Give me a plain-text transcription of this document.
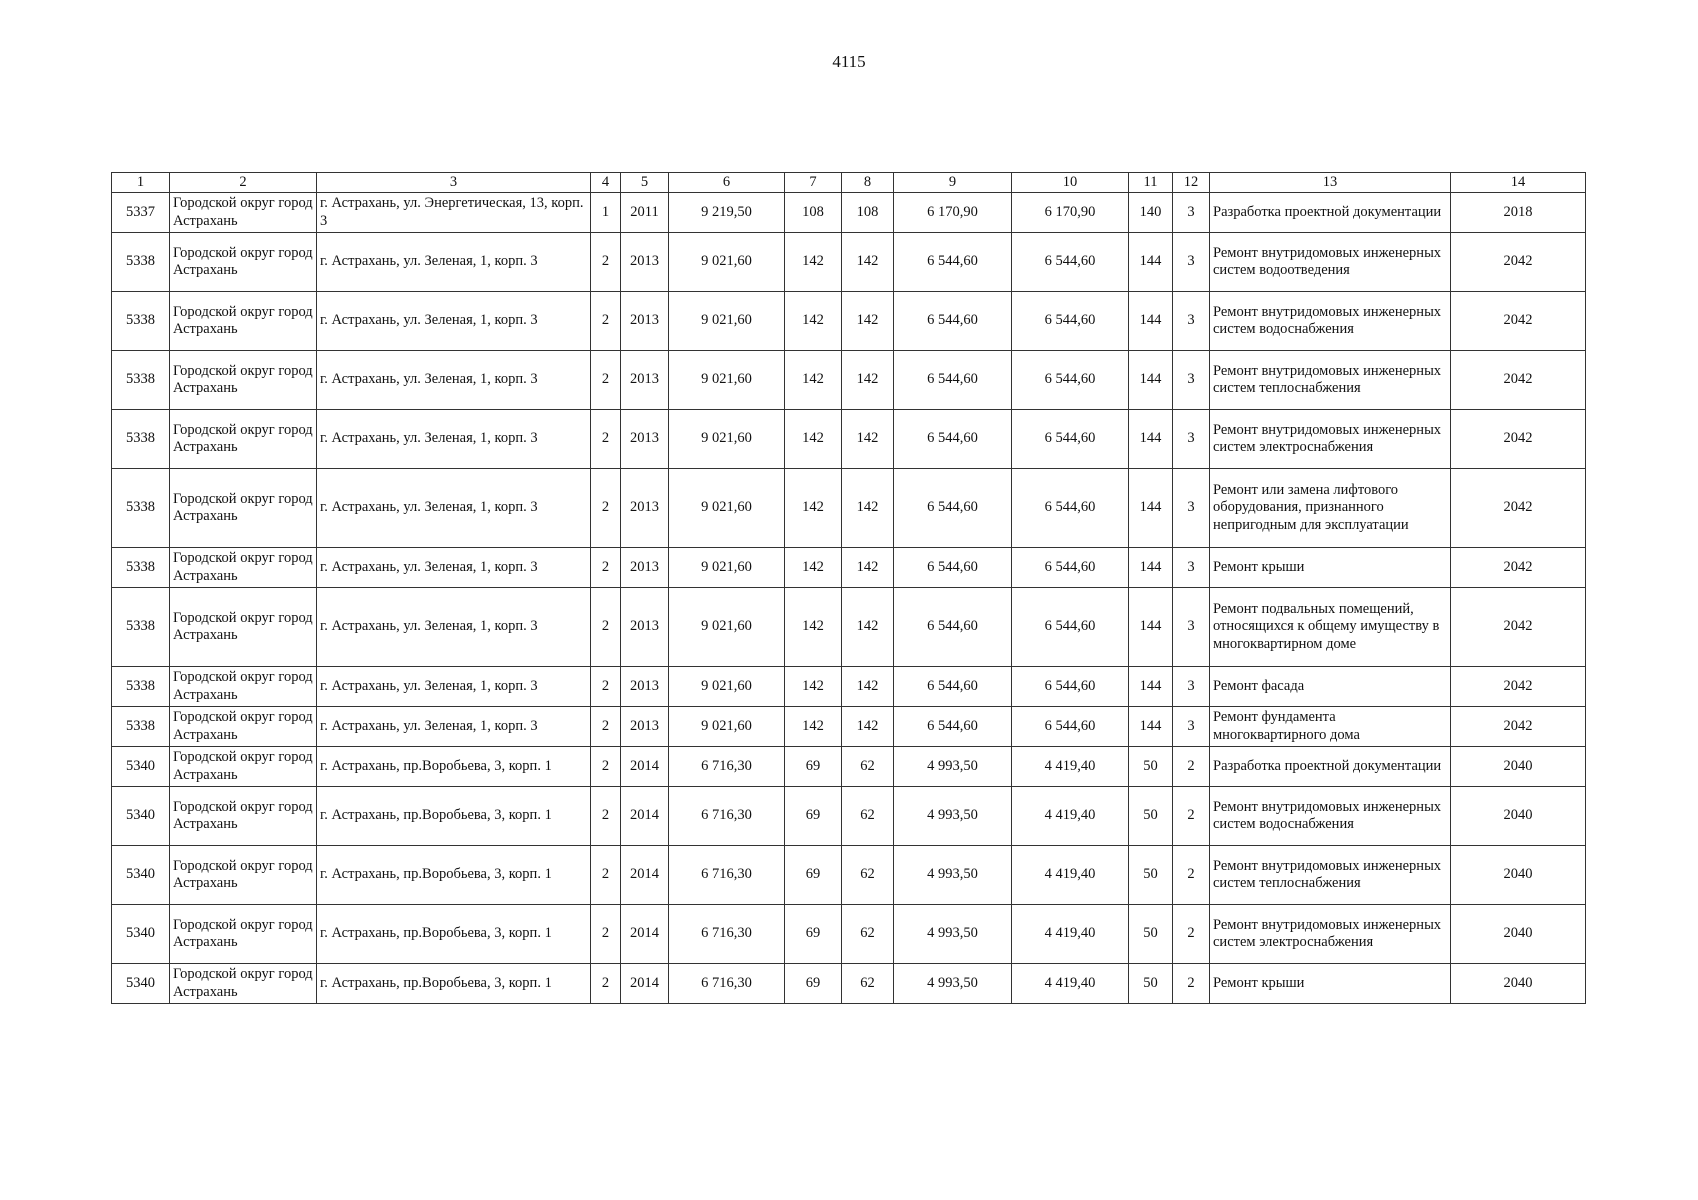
4115
1	2	3	4	5	6	7	8	9	10	11	12	13	14
5337	Городской округ город Астрахань	г. Астрахань, ул. Энергетическая, 13, корп. 3	1	2011	9 219,50	108	108	6 170,90	6 170,90	140	3	Разработка проектной документации	2018
5338	Городской округ город Астрахань	г. Астрахань, ул. Зеленая, 1, корп. 3	2	2013	9 021,60	142	142	6 544,60	6 544,60	144	3	Ремонт внутридомовых инженерных систем водоотведения	2042
5338	Городской округ город Астрахань	г. Астрахань, ул. Зеленая, 1, корп. 3	2	2013	9 021,60	142	142	6 544,60	6 544,60	144	3	Ремонт внутридомовых инженерных систем водоснабжения	2042
5338	Городской округ город Астрахань	г. Астрахань, ул. Зеленая, 1, корп. 3	2	2013	9 021,60	142	142	6 544,60	6 544,60	144	3	Ремонт внутридомовых инженерных систем теплоснабжения	2042
5338	Городской округ город Астрахань	г. Астрахань, ул. Зеленая, 1, корп. 3	2	2013	9 021,60	142	142	6 544,60	6 544,60	144	3	Ремонт внутридомовых инженерных систем электроснабжения	2042
5338	Городской округ город Астрахань	г. Астрахань, ул. Зеленая, 1, корп. 3	2	2013	9 021,60	142	142	6 544,60	6 544,60	144	3	Ремонт или замена лифтового оборудования, признанного непригодным для эксплуатации	2042
5338	Городской округ город Астрахань	г. Астрахань, ул. Зеленая, 1, корп. 3	2	2013	9 021,60	142	142	6 544,60	6 544,60	144	3	Ремонт крыши	2042
5338	Городской округ город Астрахань	г. Астрахань, ул. Зеленая, 1, корп. 3	2	2013	9 021,60	142	142	6 544,60	6 544,60	144	3	Ремонт подвальных помещений, относящихся к общему имуществу в многоквартирном доме	2042
5338	Городской округ город Астрахань	г. Астрахань, ул. Зеленая, 1, корп. 3	2	2013	9 021,60	142	142	6 544,60	6 544,60	144	3	Ремонт фасада	2042
5338	Городской округ город Астрахань	г. Астрахань, ул. Зеленая, 1, корп. 3	2	2013	9 021,60	142	142	6 544,60	6 544,60	144	3	Ремонт фундамента многоквартирного дома	2042
5340	Городской округ город Астрахань	г. Астрахань, пр.Воробьева, 3, корп. 1	2	2014	6 716,30	69	62	4 993,50	4 419,40	50	2	Разработка проектной документации	2040
5340	Городской округ город Астрахань	г. Астрахань, пр.Воробьева, 3, корп. 1	2	2014	6 716,30	69	62	4 993,50	4 419,40	50	2	Ремонт внутридомовых инженерных систем водоснабжения	2040
5340	Городской округ город Астрахань	г. Астрахань, пр.Воробьева, 3, корп. 1	2	2014	6 716,30	69	62	4 993,50	4 419,40	50	2	Ремонт внутридомовых инженерных систем теплоснабжения	2040
5340	Городской округ город Астрахань	г. Астрахань, пр.Воробьева, 3, корп. 1	2	2014	6 716,30	69	62	4 993,50	4 419,40	50	2	Ремонт внутридомовых инженерных систем электроснабжения	2040
5340	Городской округ город Астрахань	г. Астрахань, пр.Воробьева, 3, корп. 1	2	2014	6 716,30	69	62	4 993,50	4 419,40	50	2	Ремонт крыши	2040
